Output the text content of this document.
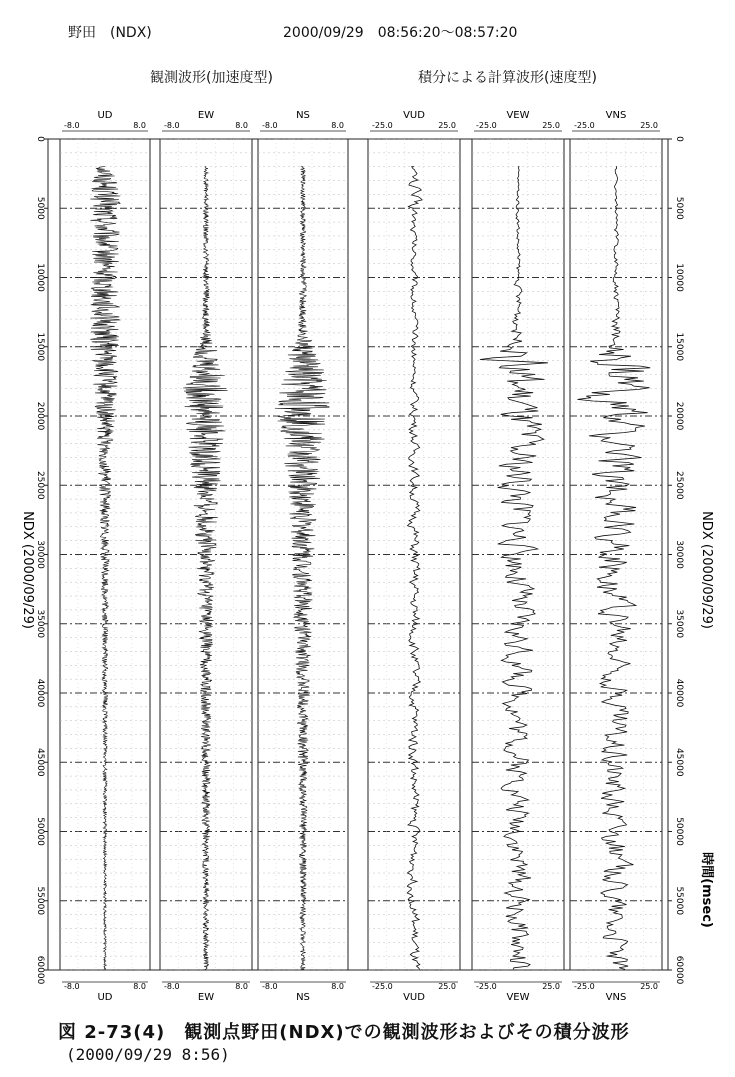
野田　(NDX)	2000/09/29　08:56:20～08:57:20
観測波形(加速度型)	積分による計算波形(速度型)
0	0
5000	5000
10000	10000
15000	15000
20000	20000
25000	25000
30000	30000
35000	35000
40000	40000
45000	45000
50000	50000
55000	55000
60000	60000
UD
-8.0	8.0
UD
-8.0	8.0
EW
-8.0	8.0
EW
-8.0	8.0
NS
-8.0	8.0
NS
-8.0	8.0
VUD
-25.0	25.0
VUD
-25.0	25.0
VEW
-25.0	25.0
VEW
-25.0	25.0
VNS
-25.0	25.0
VNS
-25.0	25.0
NDX (2000/09/29)	NDX (2000/09/29)
時間(msec)
図 2-73(4)　観測点野田(NDX)での観測波形およびその積分波形
(2000/09/29 8:56)
